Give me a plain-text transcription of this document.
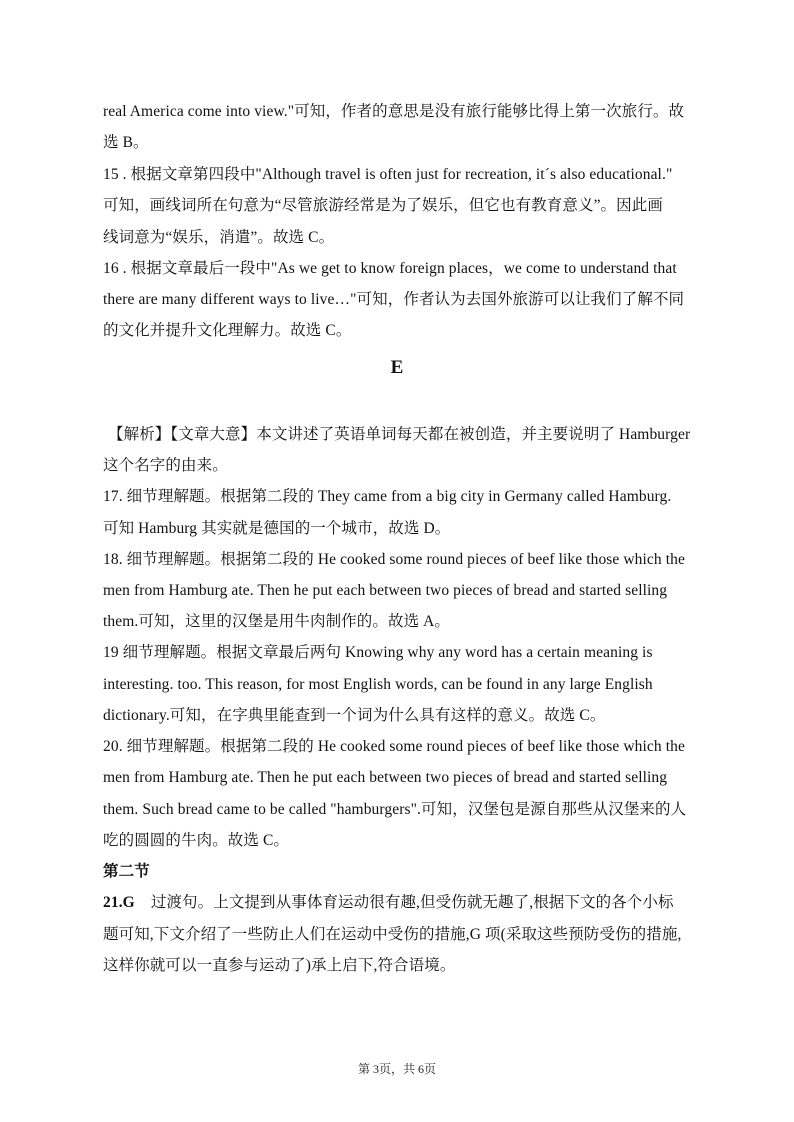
real America come into view."可知，作者的意思是没有旅行能够比得上第一次旅行。故
选 B。
15 . 根据文章第四段中"Although travel is often just for recreation, it´s also educational."
可知，画线词所在句意为“尽管旅游经常是为了娱乐，但它也有教育意义”。因此画
线词意为“娱乐，消遣”。故选 C。
16 . 根据文章最后一段中"As we get to know foreign places，we come to understand that
there are many different ways to live…"可知，作者认为去国外旅游可以让我们了解不同
的文化并提升文化理解力。故选 C。
E
【解析】【文章大意】本文讲述了英语单词每天都在被创造，并主要说明了 Hamburger
这个名字的由来。
17. 细节理解题。根据第二段的 They came from a big city in Germany called Hamburg.
可知 Hamburg 其实就是德国的一个城市，故选 D。
18. 细节理解题。根据第二段的 He cooked some round pieces of beef like those which the
men from Hamburg ate. Then he put each between two pieces of bread and started selling
them.可知，这里的汉堡是用牛肉制作的。故选 A。
19 细节理解题。根据文章最后两句 Knowing why any word has a certain meaning is
interesting. too. This reason, for most English words, can be found in any large English
dictionary.可知，在字典里能查到一个词为什么具有这样的意义。故选 C。
20. 细节理解题。根据第二段的 He cooked some round pieces of beef like those which the
men from Hamburg ate. Then he put each between two pieces of bread and started selling
them. Such bread came to be called "hamburgers".可知，汉堡包是源自那些从汉堡来的人
吃的圆圆的牛肉。故选 C。
第二节
21.G 过渡句。上文提到从事体育运动很有趣,但受伤就无趣了,根据下文的各个小标
题可知,下文介绍了一些防止人们在运动中受伤的措施,G 项(采取这些预防受伤的措施,
这样你就可以一直参与运动了)承上启下,符合语境。
第 3页，共 6页
